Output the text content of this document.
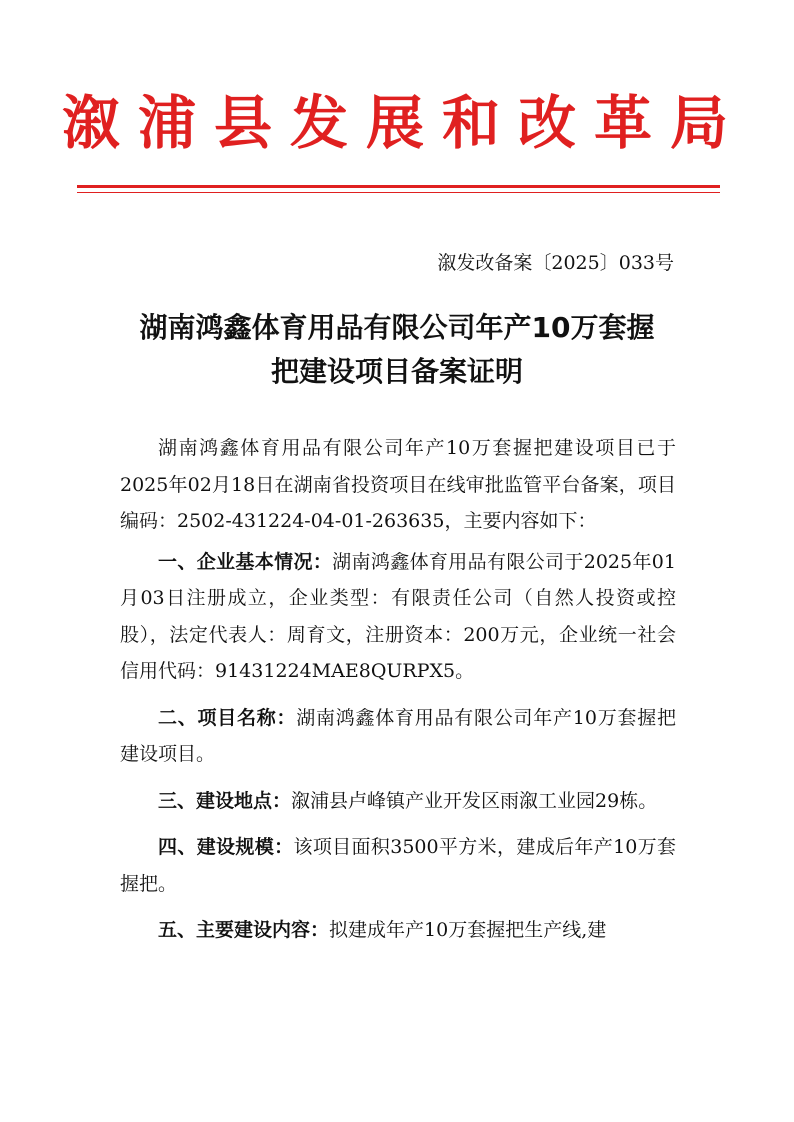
溆浦县发展和改革局
溆发改备案〔2025〕033号
湖南鸿鑫体育用品有限公司年产10万套握
把建设项目备案证明

湖南鸿鑫体育用品有限公司年产10万套握把建设项目已于2025年02月18日在湖南省投资项目在线审批监管平台备案，项目编码：2502-431224-04-01-263635，主要内容如下：

一、企业基本情况：湖南鸿鑫体育用品有限公司于2025年01月03日注册成立，企业类型：有限责任公司（自然人投资或控股），法定代表人：周育文，注册资本：200万元，企业统一社会信用代码：91431224MAE8QURPX5。

二、项目名称：湖南鸿鑫体育用品有限公司年产10万套握把建设项目。

三、建设地点：溆浦县卢峰镇产业开发区雨溆工业园29栋。

四、建设规模：该项目面积3500平方米，建成后年产10万套握把。

五、主要建设内容：拟建成年产10万套握把生产线,建
